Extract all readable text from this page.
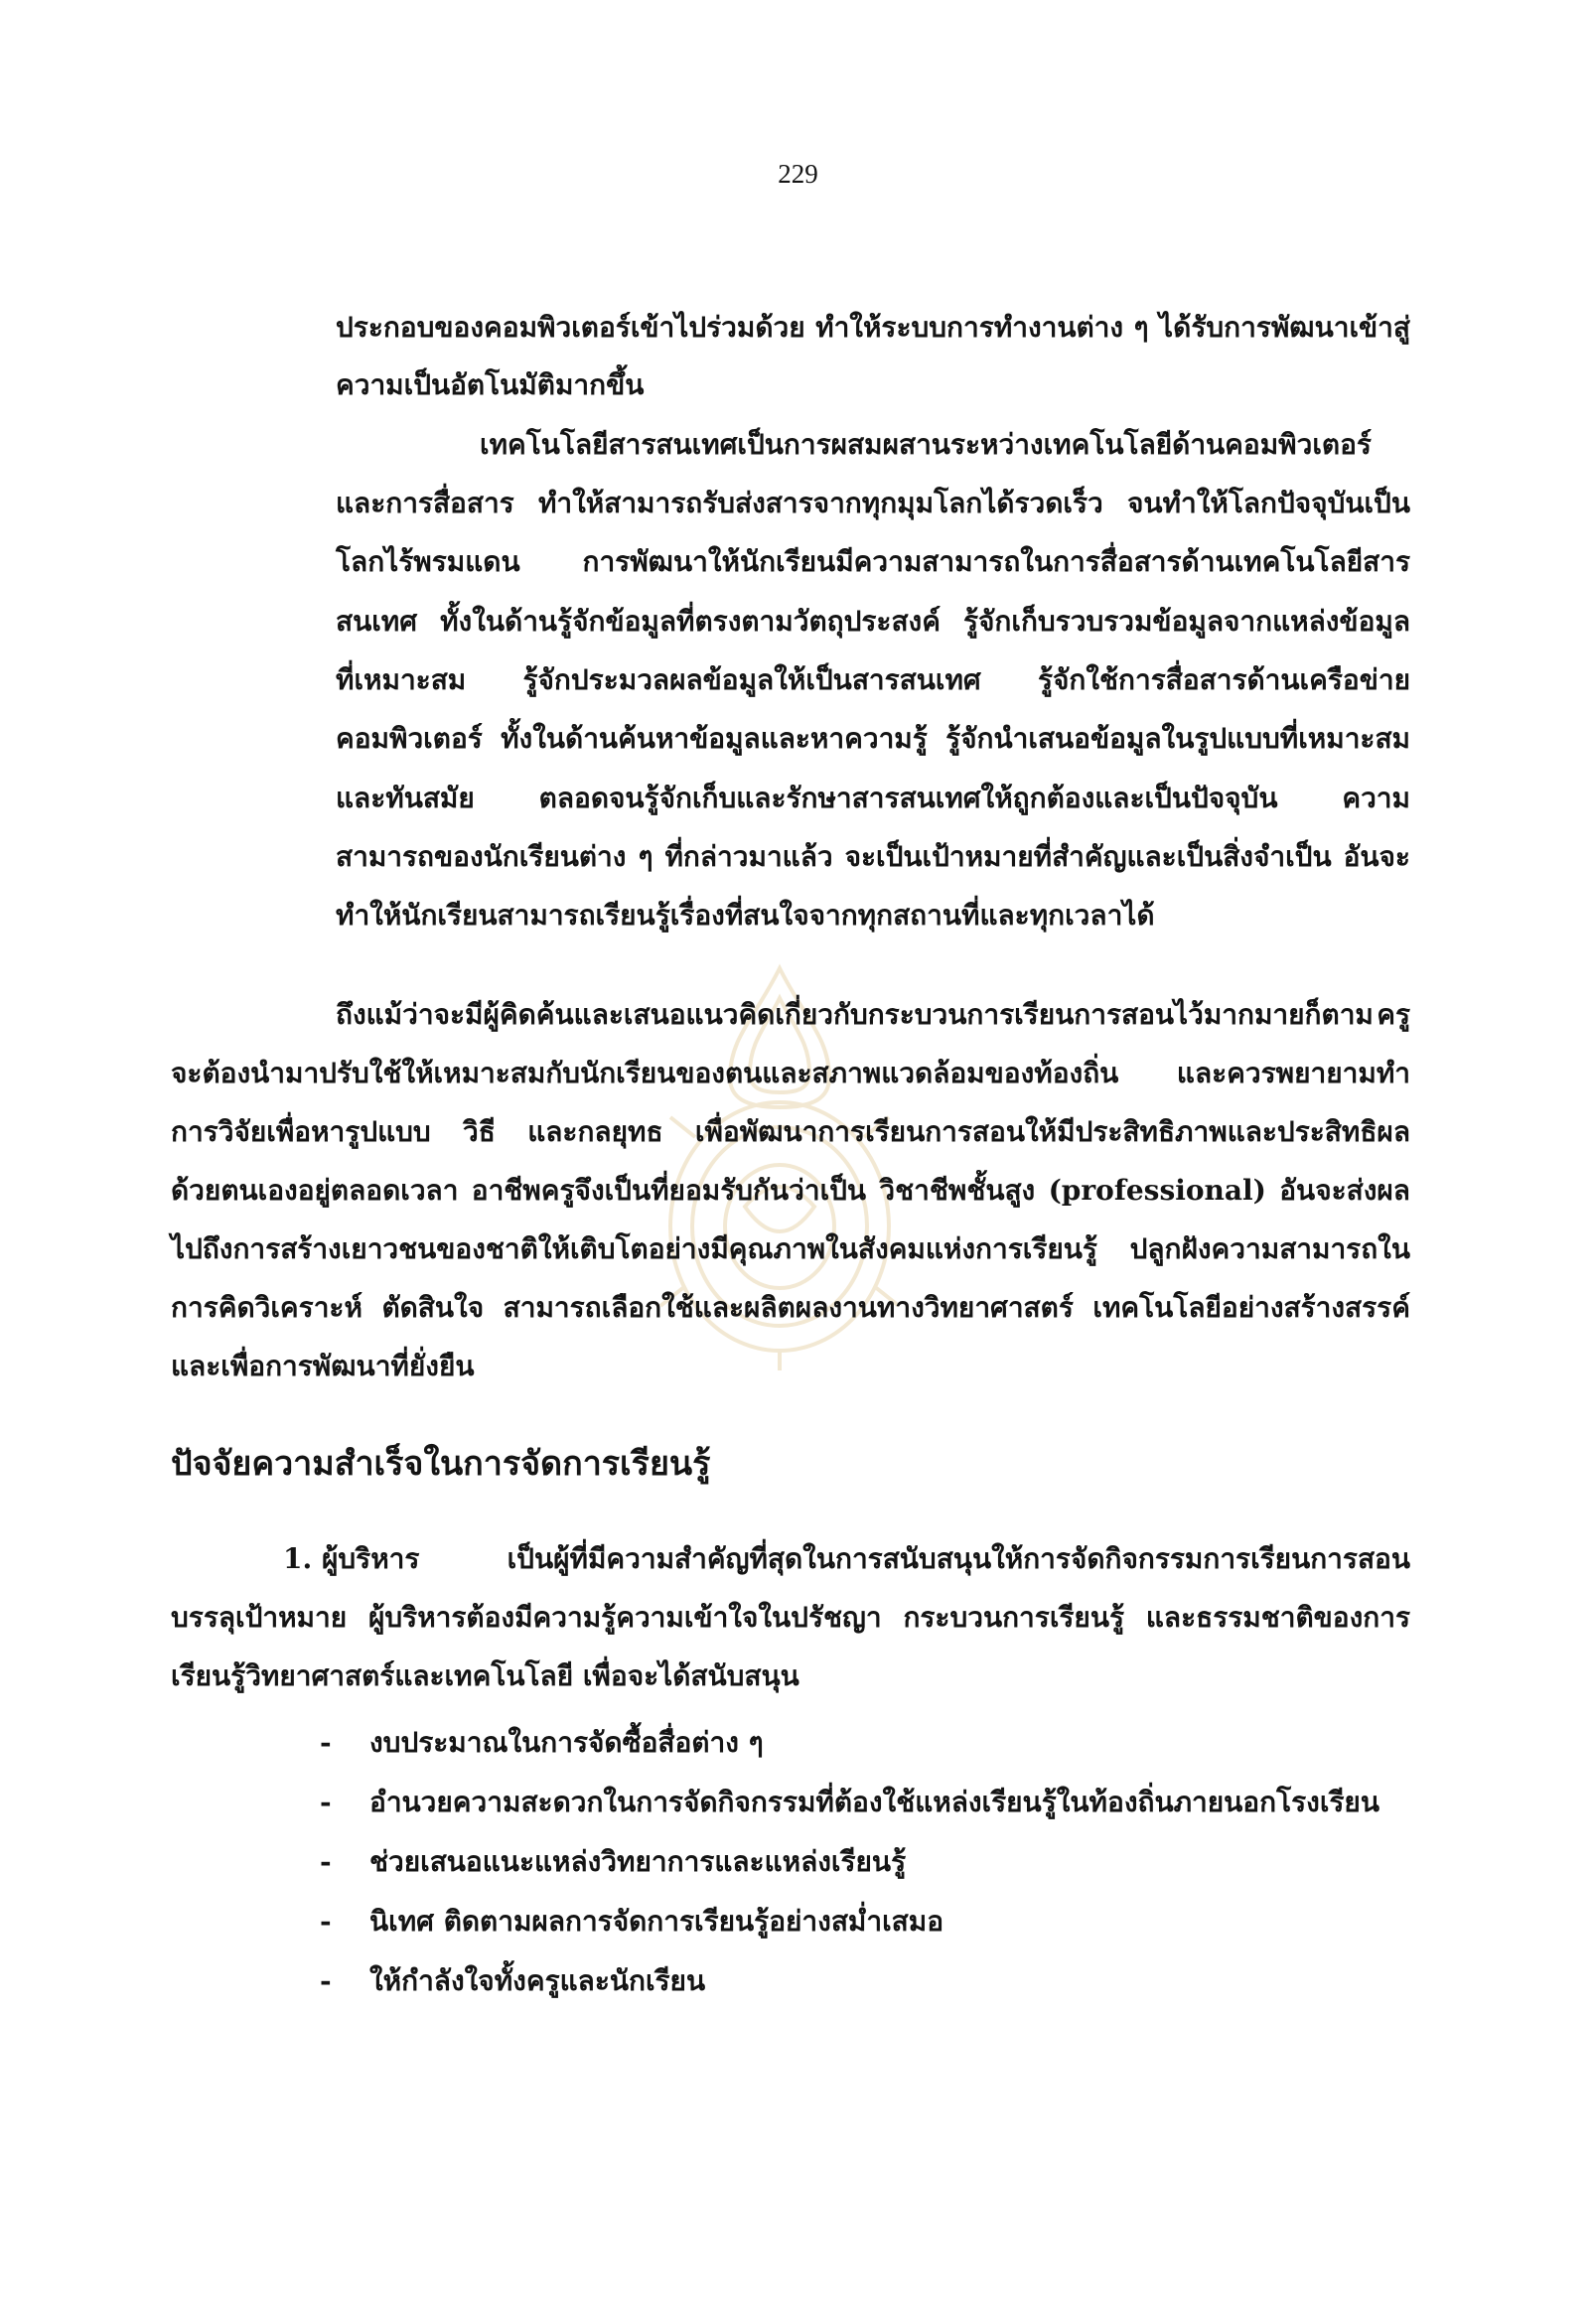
229
ประกอบของคอมพิวเตอร์เข้าไปร่วมด้วย ทำให้ระบบการทำงานต่าง ๆ ได้รับการพัฒนาเข้าสู่
ความเป็นอัตโนมัติมากขึ้น
เทคโนโลยีสารสนเทศเป็นการผสมผสานระหว่างเทคโนโลยีด้านคอมพิวเตอร์
และการสื่อสาร ทำให้สามารถรับส่งสารจากทุกมุมโลกได้รวดเร็ว จนทำให้โลกปัจจุบันเป็น
โลกไร้พรมแดน การพัฒนาให้นักเรียนมีความสามารถในการสื่อสารด้านเทคโนโลยีสาร
สนเทศ ทั้งในด้านรู้จักข้อมูลที่ตรงตามวัตถุประสงค์ รู้จักเก็บรวบรวมข้อมูลจากแหล่งข้อมูล
ที่เหมาะสม รู้จักประมวลผลข้อมูลให้เป็นสารสนเทศ รู้จักใช้การสื่อสารด้านเครือข่าย
คอมพิวเตอร์ ทั้งในด้านค้นหาข้อมูลและหาความรู้ รู้จักนำเสนอข้อมูลในรูปแบบที่เหมาะสม
และทันสมัย ตลอดจนรู้จักเก็บและรักษาสารสนเทศให้ถูกต้องและเป็นปัจจุบัน ความ
สามารถของนักเรียนต่าง ๆ ที่กล่าวมาแล้ว จะเป็นเป้าหมายที่สำคัญและเป็นสิ่งจำเป็น อันจะ
ทำให้นักเรียนสามารถเรียนรู้เรื่องที่สนใจจากทุกสถานที่และทุกเวลาได้
ถึงแม้ว่าจะมีผู้คิดค้นและเสนอแนวคิดเกี่ยวกับกระบวนการเรียนการสอนไว้มากมายก็ตาม ครู
จะต้องนำมาปรับใช้ให้เหมาะสมกับนักเรียนของตนและสภาพแวดล้อมของท้องถิ่น และควรพยายามทำ
การวิจัยเพื่อหารูปแบบ วิธี และกลยุทธ เพื่อพัฒนาการเรียนการสอนให้มีประสิทธิภาพและประสิทธิผล
ด้วยตนเองอยู่ตลอดเวลา อาชีพครูจึงเป็นที่ยอมรับกันว่าเป็น วิชาชีพชั้นสูง (professional) อันจะส่งผล
ไปถึงการสร้างเยาวชนของชาติให้เติบโตอย่างมีคุณภาพในสังคมแห่งการเรียนรู้ ปลูกฝังความสามารถใน
การคิดวิเคราะห์ ตัดสินใจ สามารถเลือกใช้และผลิตผลงานทางวิทยาศาสตร์ เทคโนโลยีอย่างสร้างสรรค์
และเพื่อการพัฒนาที่ยั่งยืน
ปัจจัยความสำเร็จในการจัดการเรียนรู้
1. ผู้บริหาร	เป็นผู้ที่มีความสำคัญที่สุดในการสนับสนุนให้การจัดกิจกรรมการเรียนการสอน
บรรลุเป้าหมาย ผู้บริหารต้องมีความรู้ความเข้าใจในปรัชญา กระบวนการเรียนรู้ และธรรมชาติของการ
เรียนรู้วิทยาศาสตร์และเทคโนโลยี เพื่อจะได้สนับสนุน
- งบประมาณในการจัดซื้อสื่อต่าง ๆ
- อำนวยความสะดวกในการจัดกิจกรรมที่ต้องใช้แหล่งเรียนรู้ในท้องถิ่นภายนอกโรงเรียน
- ช่วยเสนอแนะแหล่งวิทยาการและแหล่งเรียนรู้
- นิเทศ ติดตามผลการจัดการเรียนรู้อย่างสม่ำเสมอ
- ให้กำลังใจทั้งครูและนักเรียน
